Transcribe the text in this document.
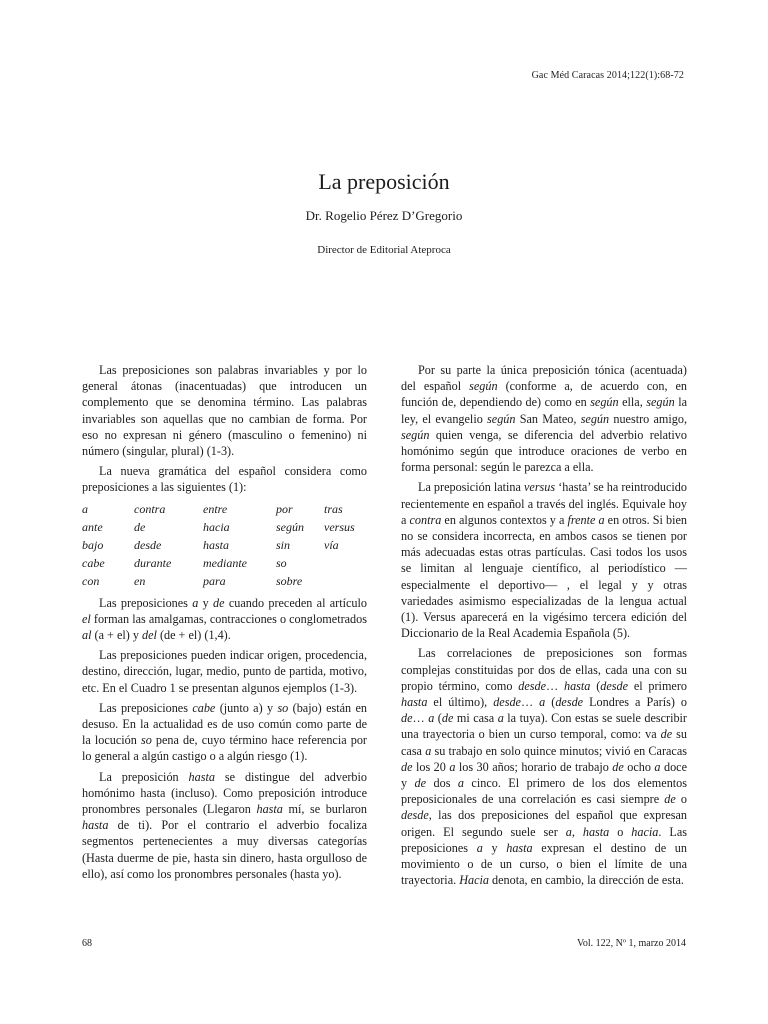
Gac Méd Caracas 2014;122(1):68-72
La preposición
Dr. Rogelio Pérez D’Gregorio
Director de Editorial Ateproca

Las preposiciones son palabras invariables y por lo general átonas (inacentuadas) que introducen un complemento que se denomina término. Las palabras invariables son aquellas que no cambian de forma. Por eso no expresan ni género (masculino o femenino) ni número (singular, plural) (1-3).

La nueva gramática del español considera como preposiciones a las siguientes (1):

a	contra	entre	por	tras
ante	de	hacia	según	versus
bajo	desde	hasta	sin	vía
cabe	durante	mediante	so	
con	en	para	sobre	

Las preposiciones a y de cuando preceden al artículo el forman las amalgamas, contracciones o conglometrados al (a + el) y del (de + el) (1,4).

Las preposiciones pueden indicar origen, procedencia, destino, dirección, lugar, medio, punto de partida, motivo, etc. En el Cuadro 1 se presentan algunos ejemplos (1-3).

Las preposiciones cabe (junto a) y so (bajo) están en desuso. En la actualidad es de uso común como parte de la locución so pena de, cuyo término hace referencia por lo general a algún castigo o a algún riesgo (1).

La preposición hasta se distingue del adverbio homónimo hasta (incluso). Como preposición introduce pronombres personales (Llegaron hasta mí, se burlaron hasta de ti). Por el contrario el adverbio focaliza segmentos pertenecientes a muy diversas categorías (Hasta duerme de pie, hasta sin dinero, hasta orgulloso de ello), así como los pronombres personales (hasta yo).

Por su parte la única preposición tónica (acentuada) del español según (conforme a, de acuerdo con, en función de, dependiendo de) como en según ella, según la ley, el evangelio según San Mateo, según nuestro amigo, según quien venga, se diferencia del adverbio relativo homónimo según que introduce oraciones de verbo en forma personal: según le parezca a ella.

La preposición latina versus ‘hasta’ se ha reintroducido recientemente en español a través del inglés. Equivale hoy a contra en algunos contextos y a frente a en otros. Si bien no se considera incorrecta, en ambos casos se tienen por más adecuadas estas otras partículas. Casi todos los usos se limitan al lenguaje científico, al periodístico —especialmente el deportivo— , el legal y y otras variedades asimismo especializadas de la lengua actual (1). Versus aparecerá en la vigésimo tercera edición del Diccionario de la Real Academia Española (5).

Las correlaciones de preposiciones son formas complejas constituidas por dos de ellas, cada una con su propio término, como desde… hasta (desde el primero hasta el último), desde… a (desde Londres a París) o de… a (de mi casa a la tuya). Con estas se suele describir una trayectoria o bien un curso temporal, como: va de su casa a su trabajo en solo quince minutos; vivió en Caracas de los 20 a los 30 años; horario de trabajo de ocho a doce y de dos a cinco. El primero de los dos elementos preposicionales de una correlación es casi siempre de o desde, las dos preposiciones del español que expresan origen. El segundo suele ser a, hasta o hacia. Las preposiciones a y hasta expresan el destino de un movimiento o de un curso, o bien el límite de una trayectoria. Hacia denota, en cambio, la dirección de esta.

68	Vol. 122, Nº 1, marzo 2014
